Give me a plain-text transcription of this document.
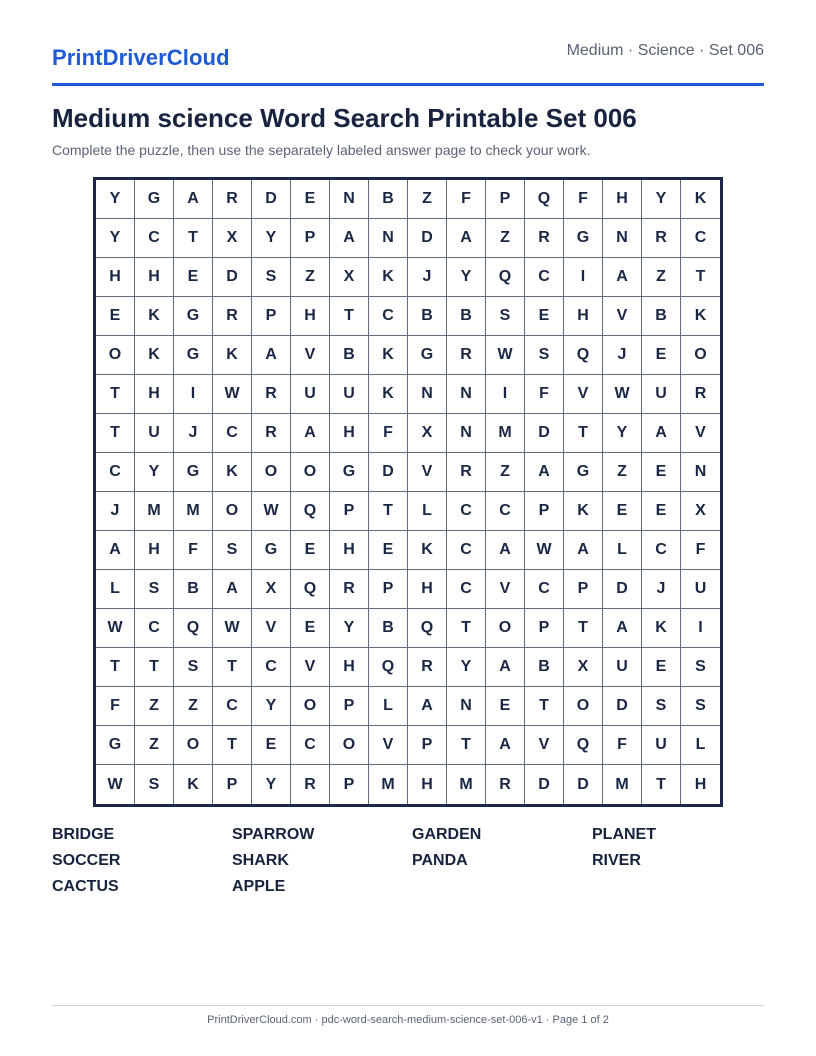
PrintDriverCloud	Medium · Science · Set 006
Medium science Word Search Printable Set 006
Complete the puzzle, then use the separately labeled answer page to check your work.
Y	G	A	R	D	E	N	B	Z	F	P	Q	F	H	Y	K
Y	C	T	X	Y	P	A	N	D	A	Z	R	G	N	R	C
H	H	E	D	S	Z	X	K	J	Y	Q	C	I	A	Z	T
E	K	G	R	P	H	T	C	B	B	S	E	H	V	B	K
O	K	G	K	A	V	B	K	G	R	W	S	Q	J	E	O
T	H	I	W	R	U	U	K	N	N	I	F	V	W	U	R
T	U	J	C	R	A	H	F	X	N	M	D	T	Y	A	V
C	Y	G	K	O	O	G	D	V	R	Z	A	G	Z	E	N
J	M	M	O	W	Q	P	T	L	C	C	P	K	E	E	X
A	H	F	S	G	E	H	E	K	C	A	W	A	L	C	F
L	S	B	A	X	Q	R	P	H	C	V	C	P	D	J	U
W	C	Q	W	V	E	Y	B	Q	T	O	P	T	A	K	I
T	T	S	T	C	V	H	Q	R	Y	A	B	X	U	E	S
F	Z	Z	C	Y	O	P	L	A	N	E	T	O	D	S	S
G	Z	O	T	E	C	O	V	P	T	A	V	Q	F	U	L
W	S	K	P	Y	R	P	M	H	M	R	D	D	M	T	H
BRIDGE	SPARROW	GARDEN	PLANET
SOCCER	SHARK	PANDA	RIVER
CACTUS	APPLE
PrintDriverCloud.com · pdc-word-search-medium-science-set-006-v1 · Page 1 of 2
